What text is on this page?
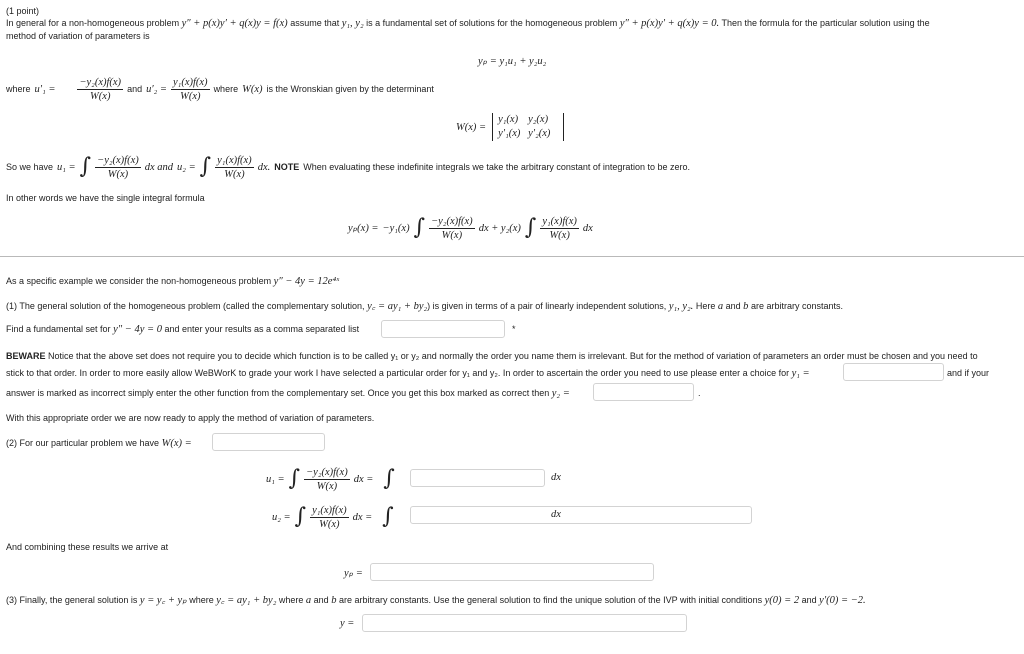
(1 point)
In general for a non-homogeneous problem y″ + p(x)y′ + q(x)y = f(x) assume that y₁, y₂ is a fundamental set of solutions for the homogeneous problem y″ + p(x)y′ + q(x)y = 0. Then the formula for the particular solution using the
method of variation of parameters is
yₚ = y₁u₁ + y₂u₂
where $u'_1 = \frac{\text{−y₂(x)f(x)}}{W(x)}$ and $u'_2 = \frac{\text{y₁(x)f(x)}}{W(x)}$ where W(x) is the Wronskian given by the determinant
W(x) =
y₁(x) y₂(x)
y′₁(x) y′₂(x)
So we have u₁ = ∫ $\frac{\text{−y₂(x)f(x)}}{W(x)}$ dx and u₂ = ∫ $\frac{\text{y₁(x)f(x)}}{W(x)}$ dx. NOTE When evaluating these indefinite integrals we take the arbitrary constant of integration to be zero.
In other words we have the single integral formula
yₚ(x) = −y₁(x) ∫ $\frac{\text{−y₂(x)f(x)}}{W(x)}$ dx + y₂(x) ∫ $\frac{\text{y₁(x)f(x)}}{W(x)}$ dx
As a specific example we consider the non-homogeneous problem y″ − 4y = 12e⁴ˣ
(1) The general solution of the homogeneous problem (called the complementary solution, y꜀ = ay₁ + by₂) is given in terms of a pair of linearly independent solutions, y₁, y₂. Here a and b are arbitrary constants.
Find a fundamental set for y″ − 4y = 0 and enter your results as a comma separated list	*
BEWARE Notice that the above set does not require you to decide which function is to be called y₁ or y₂ and normally the order you name them is irrelevant. But for the method of variation of parameters an order must be chosen and you need to
stick to that order. In order to more easily allow WeBWorK to grade your work I have selected a particular order for y₁ and y₂. In order to ascertain the order you need to use please enter a choice for y₁ =	and if your
answer is marked as incorrect simply enter the other function from the complementary set. Once you get this box marked as correct then y₂ =	.
With this appropriate order we are now ready to apply the method of variation of parameters.
(2) For our particular problem we have W(x) =
u₁ = ∫ $\frac{\text{−y₂(x)f(x)}}{W(x)}$ dx = ∫	dx
u₂ = ∫ $\frac{\text{y₁(x)f(x)}}{W(x)}$ dx = ∫	dx
And combining these results we arrive at
yₚ =
(3) Finally, the general solution is y = y꜀ + yₚ where y꜀ = ay₁ + by₂ where a and b are arbitrary constants. Use the general solution to find the unique solution of the IVP with initial conditions y(0) = 2 and y′(0) = −2.
y =
